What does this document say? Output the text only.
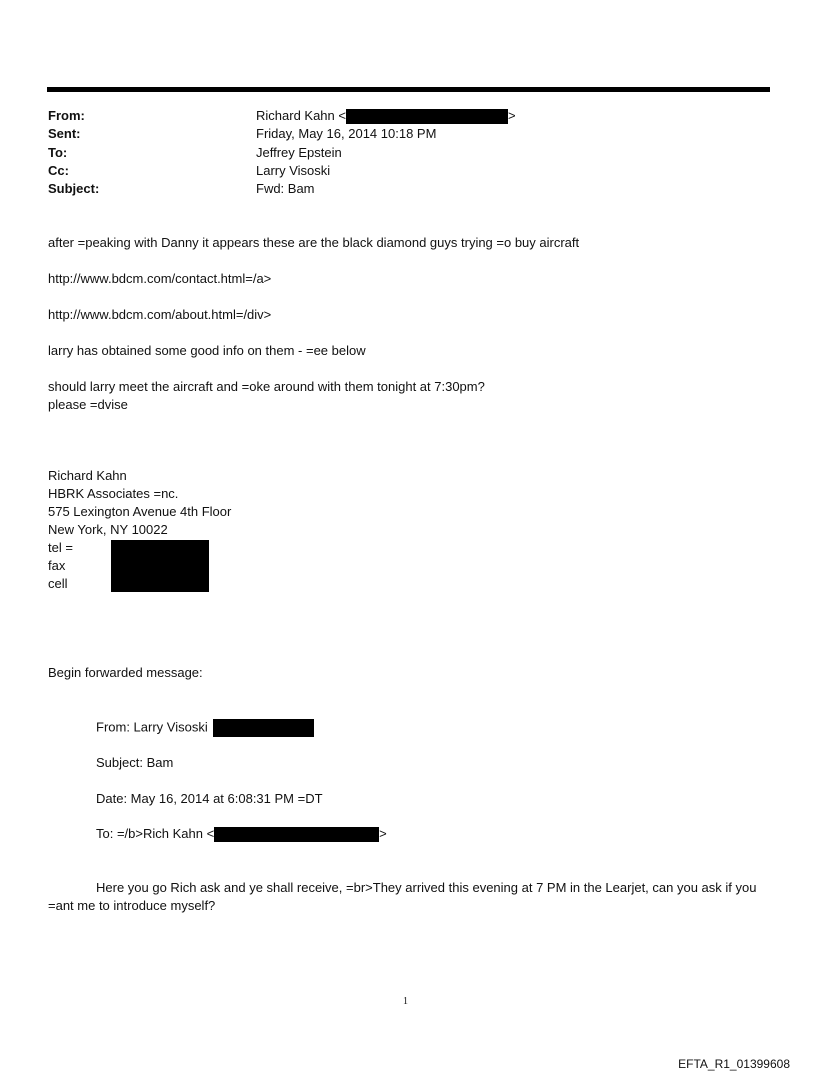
From:	Richard Kahn <	>
Sent:	Friday, May 16, 2014 10:18 PM
To:	Jeffrey Epstein
Cc:	Larry Visoski
Subject:	Fwd: Bam
after =peaking with Danny it appears these are the black diamond guys trying =o buy aircraft
http://www.bdcm.com/contact.html=/a>
http://www.bdcm.com/about.html=/div>
larry has obtained some good info on them - =ee below
should larry meet the aircraft and =oke around with them tonight at 7:30pm?
please =dvise
Richard Kahn
HBRK Associates =nc.
575 Lexington Avenue 4th Floor
New York, NY 10022
tel =
fax
cell
Begin forwarded message:
From: Larry Visoski
Subject: Bam
Date: May 16, 2014 at 6:08:31 PM =DT
To: =/b>Rich Kahn <	>
Here you go Rich ask and ye shall receive, =br>They arrived this evening at 7 PM in the Learjet, can you ask if you =ant me to introduce myself?
1
EFTA_R1_01399608
